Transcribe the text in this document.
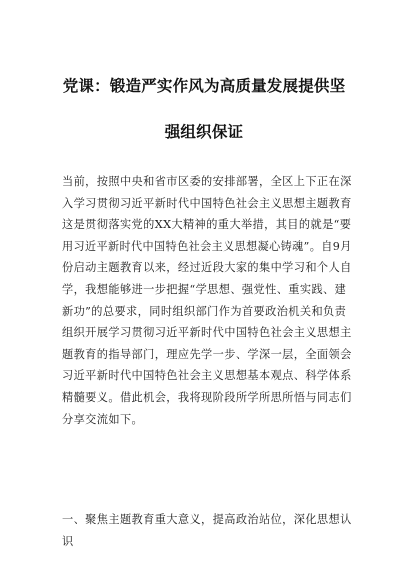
党课：锻造严实作风为高质量发展提供坚
强组织保证
当前，按照中央和省市区委的安排部署，全区上下正在深
入学习贯彻习近平新时代中国特色社会主义思想主题教育
这是贯彻落实党的XX大精神的重大举措，其目的就是“要
用习近平新时代中国特色社会主义思想凝心铸魂”。自9月
份启动主题教育以来，经过近段大家的集中学习和个人自
学，我想能够进一步把握“学思想、强党性、重实践、建
新功”的总要求，同时组织部门作为首要政治机关和负责
组织开展学习贯彻习近平新时代中国特色社会主义思想主
题教育的指导部门，理应先学一步、学深一层，全面领会
习近平新时代中国特色社会主义思想基本观点、科学体系
精髓要义。借此机会，我将现阶段所学所思所悟与同志们
分享交流如下。
一、聚焦主题教育重大意义，提高政治站位，深化思想认
识
